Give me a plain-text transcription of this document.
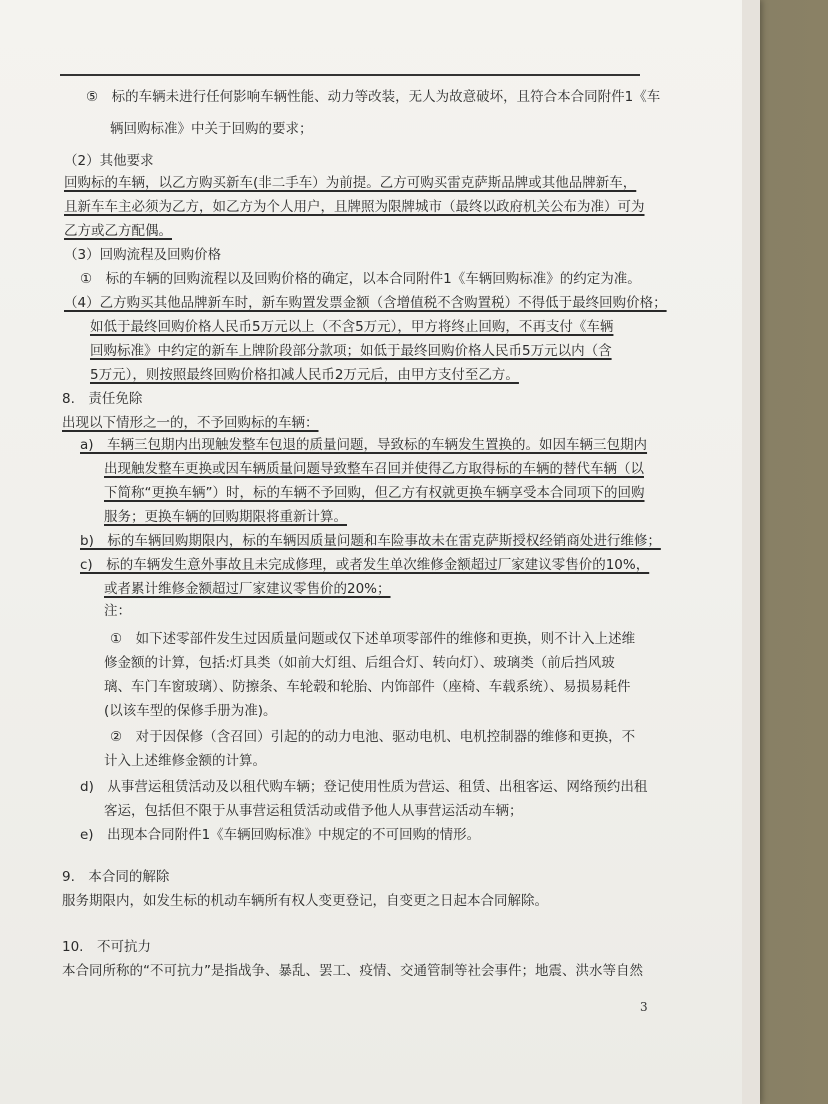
⑤　标的车辆未进行任何影响车辆性能、动力等改装，无人为故意破坏，且符合本合同附件1《车
辆回购标准》中关于回购的要求；
（2）其他要求
回购标的车辆，以乙方购买新车(非二手车）为前提。乙方可购买雷克萨斯品牌或其他品牌新车，
且新车车主必须为乙方，如乙方为个人用户，且牌照为限牌城市（最终以政府机关公布为准）可为
乙方或乙方配偶。
（3）回购流程及回购价格
①　标的车辆的回购流程以及回购价格的确定，以本合同附件1《车辆回购标准》的约定为准。
（4）乙方购买其他品牌新车时，新车购置发票金额（含增值税不含购置税）不得低于最终回购价格；
如低于最终回购价格人民币5万元以上（不含5万元），甲方将终止回购，不再支付《车辆
回购标准》中约定的新车上牌阶段部分款项；如低于最终回购价格人民币5万元以内（含
5万元），则按照最终回购价格扣减人民币2万元后，由甲方支付至乙方。
8.　责任免除
出现以下情形之一的，不予回购标的车辆：
a)　车辆三包期内出现触发整车包退的质量问题，导致标的车辆发生置换的。如因车辆三包期内
出现触发整车更换或因车辆质量问题导致整车召回并使得乙方取得标的车辆的替代车辆（以
下简称“更换车辆”）时，标的车辆不予回购，但乙方有权就更换车辆享受本合同项下的回购
服务；更换车辆的回购期限将重新计算。
b)　标的车辆回购期限内，标的车辆因质量问题和车险事故未在雷克萨斯授权经销商处进行维修；
c)　标的车辆发生意外事故且未完成修理，或者发生单次维修金额超过厂家建议零售价的10%，
或者累计维修金额超过厂家建议零售价的20%；
注：
①　如下述零部件发生过因质量问题或仅下述单项零部件的维修和更换，则不计入上述维
修金额的计算，包括:灯具类（如前大灯组、后组合灯、转向灯）、玻璃类（前后挡风玻
璃、车门车窗玻璃）、防擦条、车轮毂和轮胎、内饰部件（座椅、车载系统）、易损易耗件
(以该车型的保修手册为准)。
②　对于因保修（含召回）引起的的动力电池、驱动电机、电机控制器的维修和更换，不
计入上述维修金额的计算。
d)　从事营运租赁活动及以租代购车辆；登记使用性质为营运、租赁、出租客运、网络预约出租
客运，包括但不限于从事营运租赁活动或借予他人从事营运活动车辆；
e)　出现本合同附件1《车辆回购标准》中规定的不可回购的情形。
9.　本合同的解除
服务期限内，如发生标的机动车辆所有权人变更登记，自变更之日起本合同解除。
10.　不可抗力
本合同所称的“不可抗力”是指战争、暴乱、罢工、疫情、交通管制等社会事件；地震、洪水等自然
3
